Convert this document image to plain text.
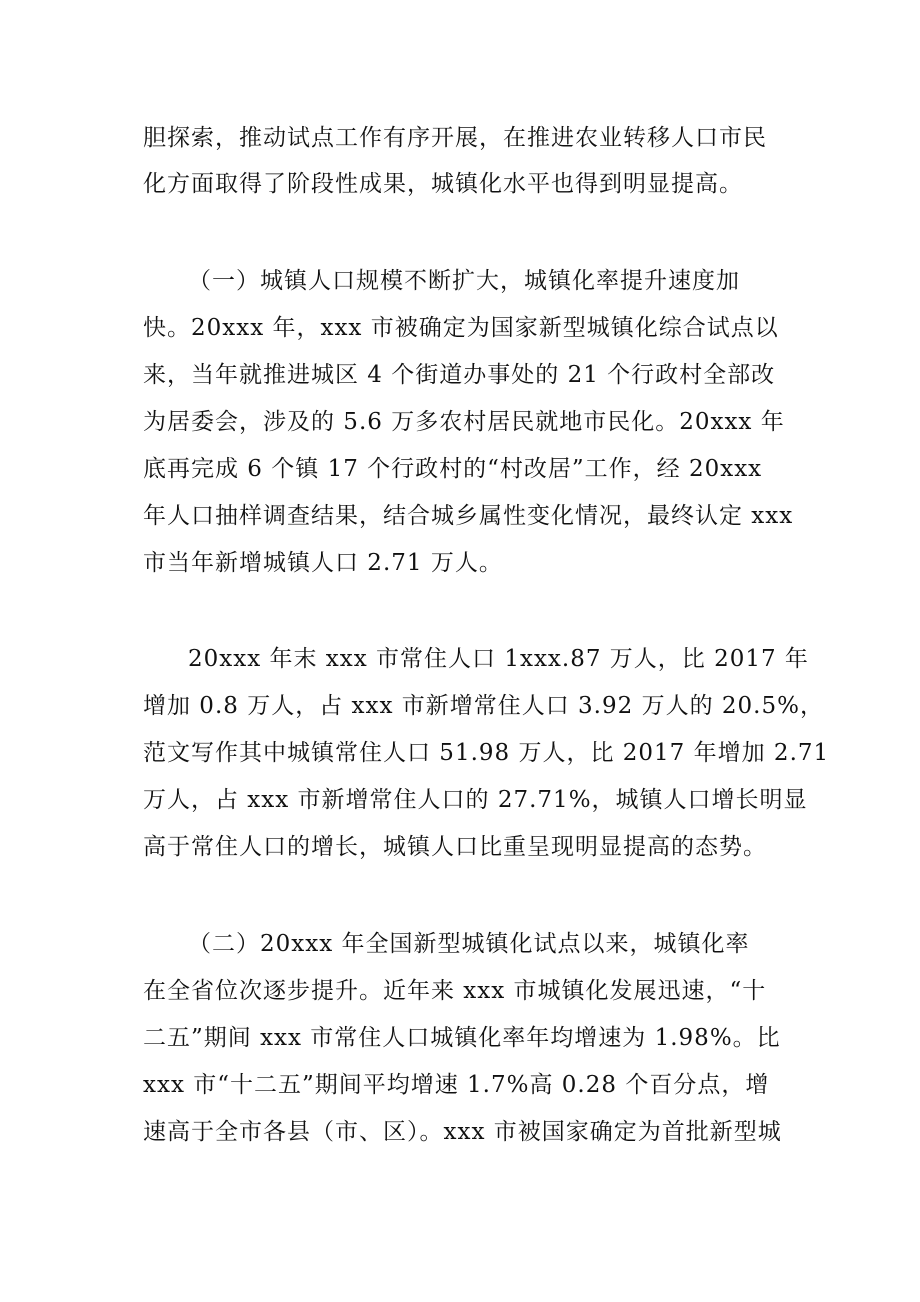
胆探索，推动试点工作有序开展，在推进农业转移人口市民
化方面取得了阶段性成果，城镇化水平也得到明显提高。
（一）城镇人口规模不断扩大，城镇化率提升速度加
快。20xxx 年，xxx 市被确定为国家新型城镇化综合试点以
来，当年就推进城区 4 个街道办事处的 21 个行政村全部改
为居委会，涉及的 5.6 万多农村居民就地市民化。20xxx 年
底再完成 6 个镇 17 个行政村的“村改居”工作，经 20xxx
年人口抽样调查结果，结合城乡属性变化情况，最终认定 xxx
市当年新增城镇人口 2.71 万人。
20xxx 年末 xxx 市常住人口 1xxx.87 万人，比 2017 年
增加 0.8 万人，占 xxx 市新增常住人口 3.92 万人的 20.5%，
范文写作其中城镇常住人口 51.98 万人，比 2017 年增加 2.71
万人，占 xxx 市新增常住人口的 27.71%，城镇人口增长明显
高于常住人口的增长，城镇人口比重呈现明显提高的态势。
（二）20xxx 年全国新型城镇化试点以来，城镇化率
在全省位次逐步提升。近年来 xxx 市城镇化发展迅速，“十
二五”期间 xxx 市常住人口城镇化率年均增速为 1.98%。比
xxx 市“十二五”期间平均增速 1.7%高 0.28 个百分点，增
速高于全市各县（市、区）。xxx 市被国家确定为首批新型城
